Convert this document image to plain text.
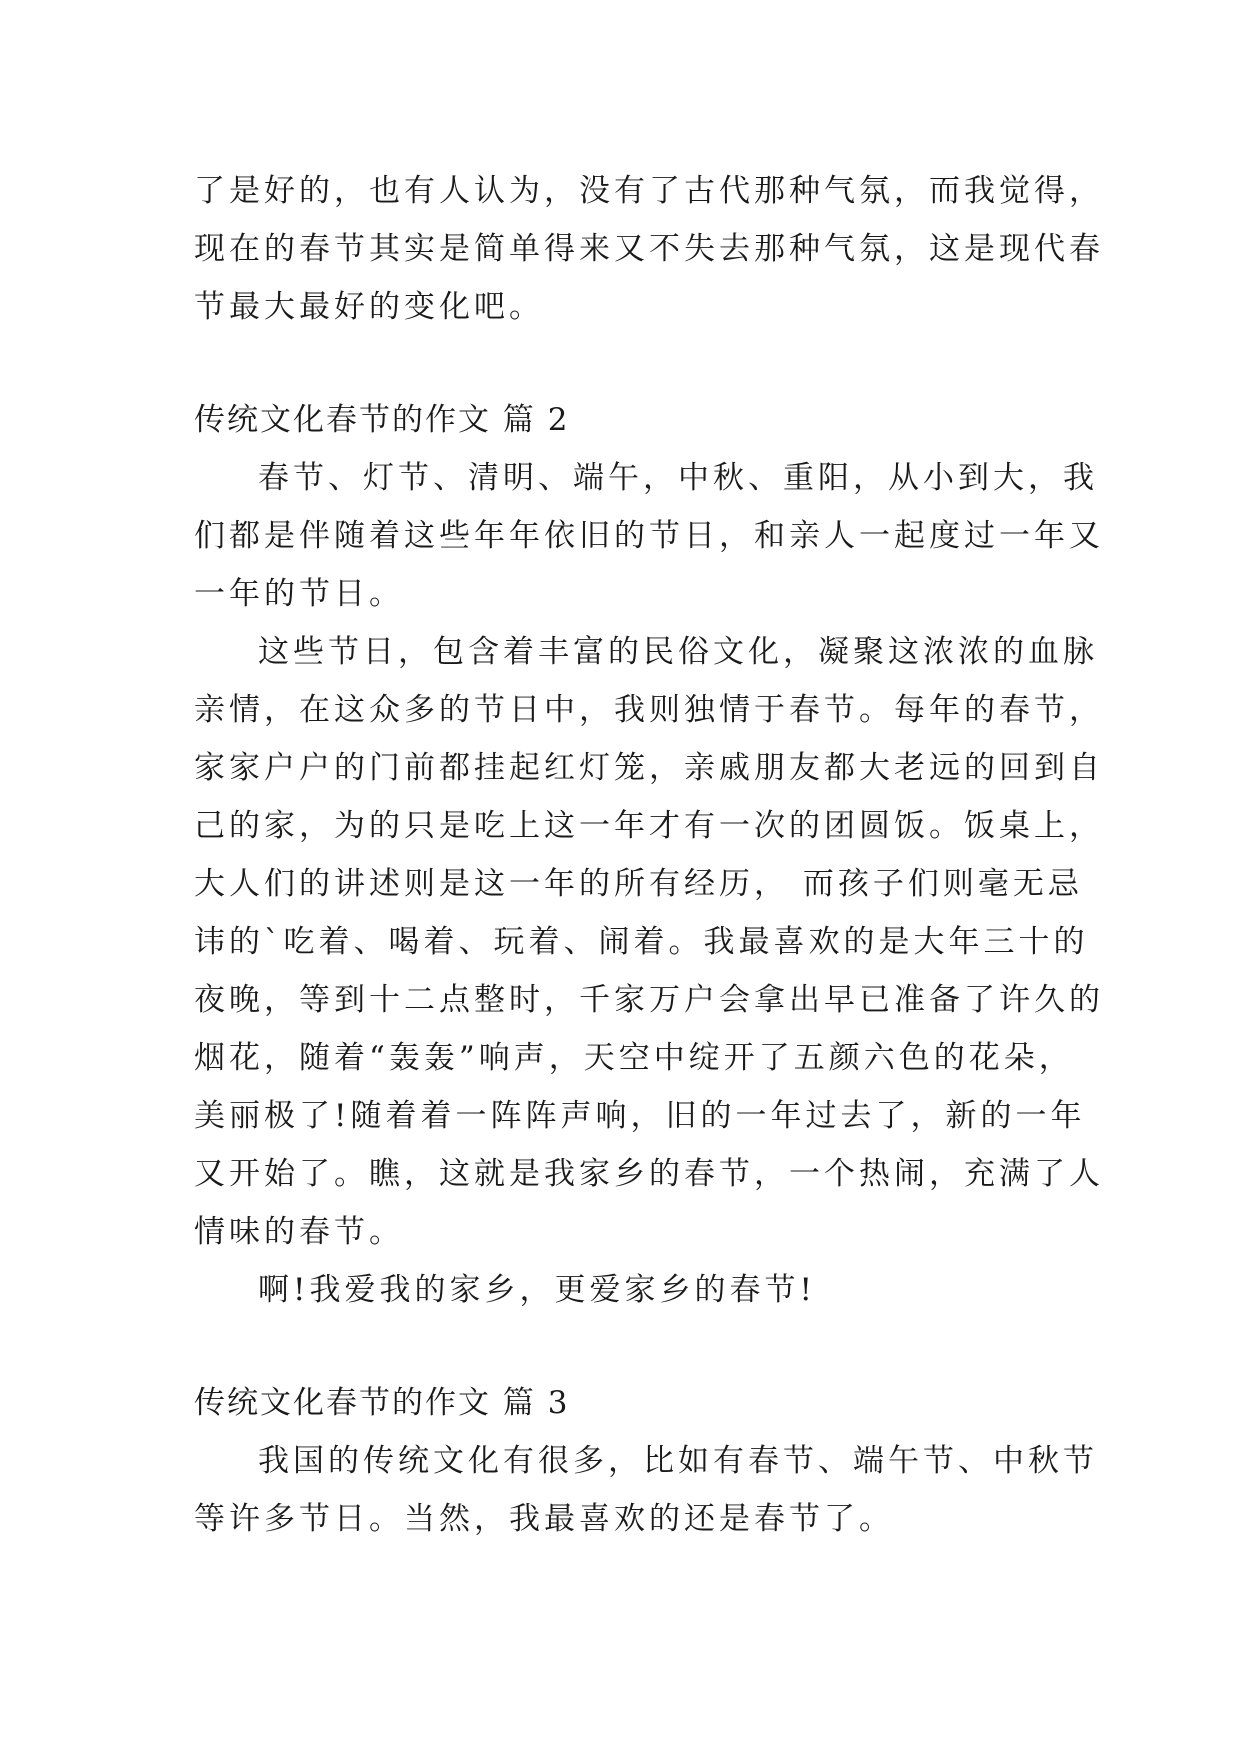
了是好的，也有人认为，没有了古代那种气氛，而我觉得，
现在的春节其实是简单得来又不失去那种气氛，这是现代春
节最大最好的变化吧。
传统文化春节的作文 篇 2
春节、灯节、清明、端午，中秋、重阳，从小到大，我
们都是伴随着这些年年依旧的节日，和亲人一起度过一年又
一年的节日。
这些节日，包含着丰富的民俗文化，凝聚这浓浓的血脉
亲情，在这众多的节日中，我则独情于春节。每年的春节，
家家户户的门前都挂起红灯笼，亲戚朋友都大老远的回到自
己的家，为的只是吃上这一年才有一次的团圆饭。饭桌上，
大人们的讲述则是这一年的所有经历， 而孩子们则毫无忌
讳的`吃着、喝着、玩着、闹着。我最喜欢的是大年三十的
夜晚，等到十二点整时，千家万户会拿出早已准备了许久的
烟花，随着“轰轰”响声，天空中绽开了五颜六色的花朵，
美丽极了!随着着一阵阵声响，旧的一年过去了，新的一年
又开始了。瞧，这就是我家乡的春节，一个热闹，充满了人
情味的春节。
啊!我爱我的家乡，更爱家乡的春节!
传统文化春节的作文 篇 3
我国的传统文化有很多，比如有春节、端午节、中秋节
等许多节日。当然，我最喜欢的还是春节了。
